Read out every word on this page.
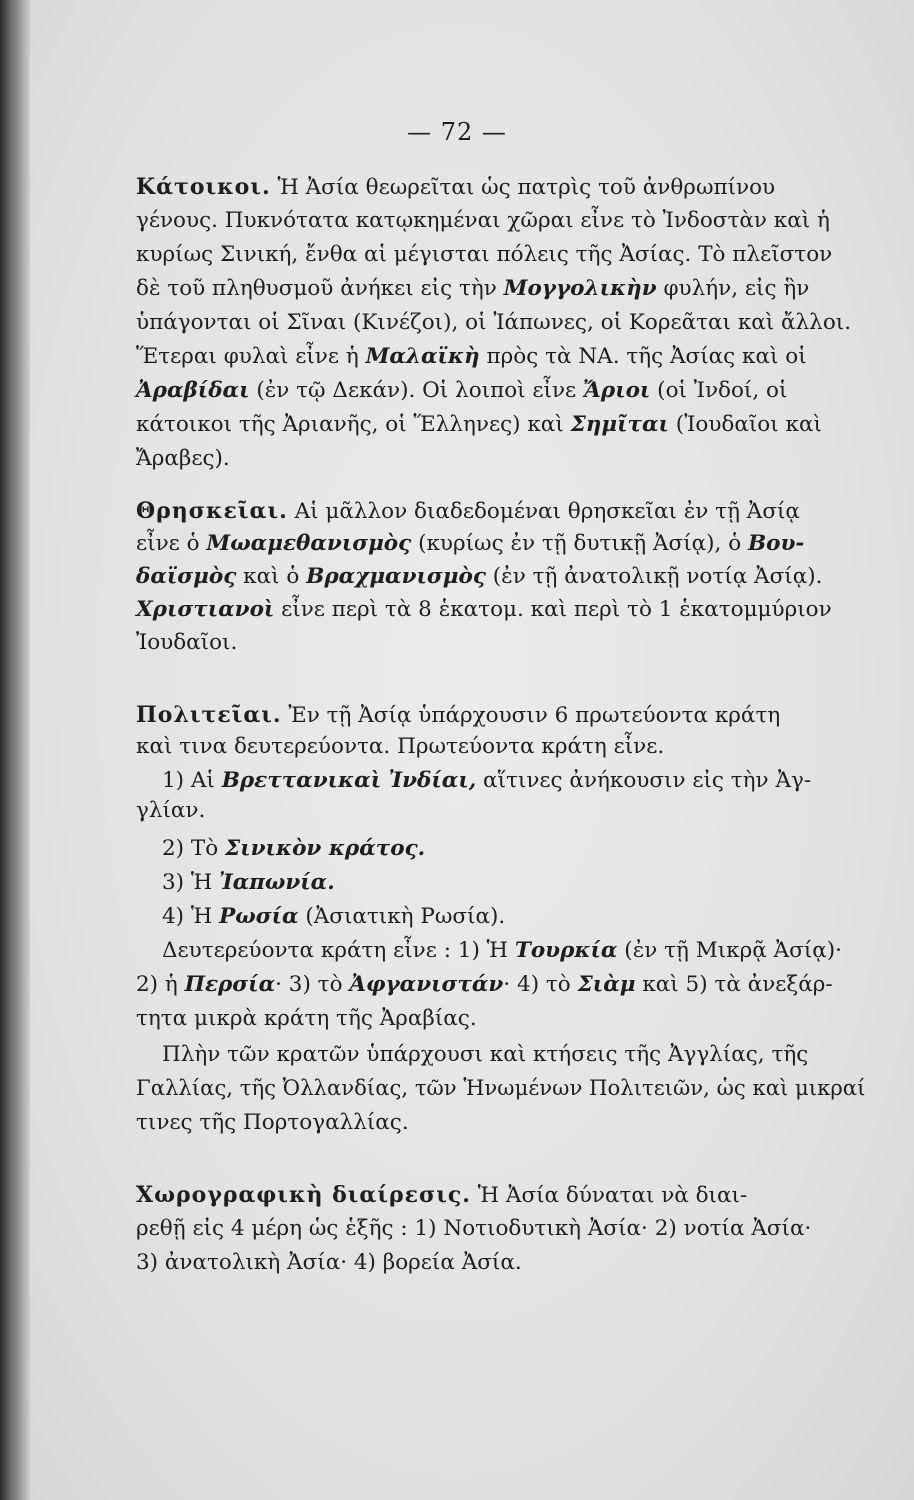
— 72 —
Κάτοικοι. Ἡ Ἀσία θεωρεῖται ὡς πατρὶς τοῦ ἀνθρωπίνου
γένους. Πυκνότατα κατῳκημέναι χῶραι εἶνε τὸ Ἰνδοστὰν καὶ ἡ
κυρίως Σινική, ἔνθα αἱ μέγισται πόλεις τῆς Ἀσίας. Τὸ πλεῖστον
δὲ τοῦ πληθυσμοῦ ἀνήκει εἰς τὴν Μογγολικὴν φυλήν, εἰς ἣν
ὑπάγονται οἱ Σῖναι (Κινέζοι), οἱ Ἰάπωνες, οἱ Κορεᾶται καὶ ἄλλοι.
Ἕτεραι φυλαὶ εἶνε ἡ Μαλαϊκὴ πρὸς τὰ ΝΑ. τῆς Ἀσίας καὶ οἱ
Ἀραβίδαι (ἐν τῷ Δεκάν). Οἱ λοιποὶ εἶνε Ἄριοι (οἱ Ἰνδοί, οἱ
κάτοικοι τῆς Ἀριανῆς, οἱ Ἕλληνες) καὶ Σημῖται (Ἰουδαῖοι καὶ
Ἄραβες).
Θρησκεῖαι. Αἱ μᾶλλον διαδεδομέναι θρησκεῖαι ἐν τῇ Ἀσίᾳ
εἶνε ὁ Μωαμεθανισμὸς (κυρίως ἐν τῇ δυτικῇ Ἀσίᾳ), ὁ Βου-
δαϊσμὸς καὶ ὁ Βραχμανισμὸς (ἐν τῇ ἀνατολικῇ νοτίᾳ Ἀσίᾳ).
Χριστιανοὶ εἶνε περὶ τὰ 8 ἑκατομ. καὶ περὶ τὸ 1 ἑκατομμύριον
Ἰουδαῖοι.
Πολιτεῖαι. Ἐν τῇ Ἀσίᾳ ὑπάρχουσιν 6 πρωτεύοντα κράτη
καὶ τινα δευτερεύοντα. Πρωτεύοντα κράτη εἶνε.
1) Αἱ Βρεττανικαὶ Ἰνδίαι, αἵτινες ἀνήκουσιν εἰς τὴν Ἀγ-
γλίαν.
2) Τὸ Σινικὸν κράτος.
3) Ἡ Ἰαπωνία.
4) Ἡ Ρωσία (Ἀσιατικὴ Ρωσία).
Δευτερεύοντα κράτη εἶνε : 1) Ἡ Τουρκία (ἐν τῇ Μικρᾷ Ἀσίᾳ)·
2) ἡ Περσία· 3) τὸ Ἀφγανιστάν· 4) τὸ Σιὰμ καὶ 5) τὰ ἀνεξάρ-
τητα μικρὰ κράτη τῆς Ἀραβίας.
Πλὴν τῶν κρατῶν ὑπάρχουσι καὶ κτήσεις τῆς Ἀγγλίας, τῆς
Γαλλίας, τῆς Ὀλλανδίας, τῶν Ἡνωμένων Πολιτειῶν, ὡς καὶ μικραί
τινες τῆς Πορτογαλλίας.
Χωρογραφικὴ διαίρεσις. Ἡ Ἀσία δύναται νὰ διαι-
ρεθῇ εἰς 4 μέρη ὡς ἑξῆς : 1) Νοτιοδυτικὴ Ἀσία· 2) νοτία Ἀσία·
3) ἀνατολικὴ Ἀσία· 4) βορεία Ἀσία.
